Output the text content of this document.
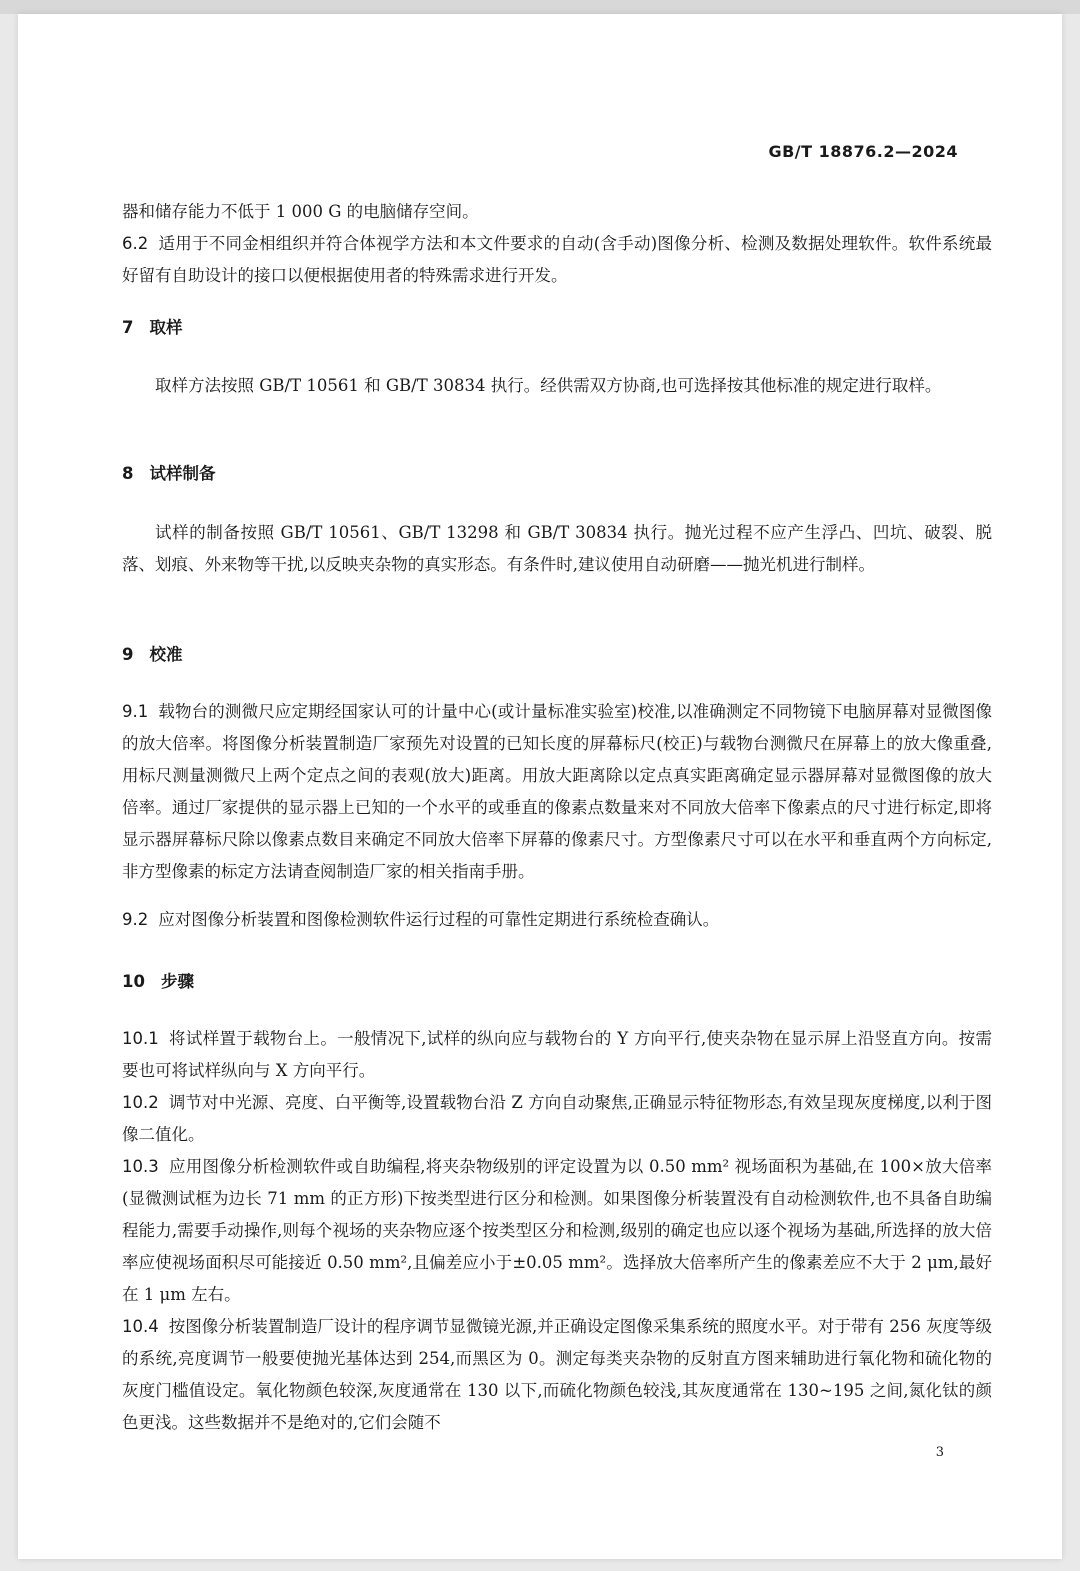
GB/T 18876.2—2024
器和储存能力不低于 1 000 G 的电脑储存空间。
6.2 适用于不同金相组织并符合体视学方法和本文件要求的自动(含手动)图像分析、检测及数据处理软件。软件系统最好留有自助设计的接口以便根据使用者的特殊需求进行开发。
7 取样
取样方法按照 GB/T 10561 和 GB/T 30834 执行。经供需双方协商,也可选择按其他标准的规定进行取样。
8 试样制备
试样的制备按照 GB/T 10561、GB/T 13298 和 GB/T 30834 执行。抛光过程不应产生浮凸、凹坑、破裂、脱落、划痕、外来物等干扰,以反映夹杂物的真实形态。有条件时,建议使用自动研磨——抛光机进行制样。
9 校准
9.1 载物台的测微尺应定期经国家认可的计量中心(或计量标准实验室)校准,以准确测定不同物镜下电脑屏幕对显微图像的放大倍率。将图像分析装置制造厂家预先对设置的已知长度的屏幕标尺(校正)与载物台测微尺在屏幕上的放大像重叠,用标尺测量测微尺上两个定点之间的表观(放大)距离。用放大距离除以定点真实距离确定显示器屏幕对显微图像的放大倍率。通过厂家提供的显示器上已知的一个水平的或垂直的像素点数量来对不同放大倍率下像素点的尺寸进行标定,即将显示器屏幕标尺除以像素点数目来确定不同放大倍率下屏幕的像素尺寸。方型像素尺寸可以在水平和垂直两个方向标定,非方型像素的标定方法请查阅制造厂家的相关指南手册。
9.2 应对图像分析装置和图像检测软件运行过程的可靠性定期进行系统检查确认。
10 步骤
10.1 将试样置于载物台上。一般情况下,试样的纵向应与载物台的 Y 方向平行,使夹杂物在显示屏上沿竖直方向。按需要也可将试样纵向与 X 方向平行。
10.2 调节对中光源、亮度、白平衡等,设置载物台沿 Z 方向自动聚焦,正确显示特征物形态,有效呈现灰度梯度,以利于图像二值化。
10.3 应用图像分析检测软件或自助编程,将夹杂物级别的评定设置为以 0.50 mm² 视场面积为基础,在 100×放大倍率(显微测试框为边长 71 mm 的正方形)下按类型进行区分和检测。如果图像分析装置没有自动检测软件,也不具备自助编程能力,需要手动操作,则每个视场的夹杂物应逐个按类型区分和检测,级别的确定也应以逐个视场为基础,所选择的放大倍率应使视场面积尽可能接近 0.50 mm²,且偏差应小于±0.05 mm²。选择放大倍率所产生的像素差应不大于 2 μm,最好在 1 μm 左右。
10.4 按图像分析装置制造厂设计的程序调节显微镜光源,并正确设定图像采集系统的照度水平。对于带有 256 灰度等级的系统,亮度调节一般要使抛光基体达到 254,而黑区为 0。测定每类夹杂物的反射直方图来辅助进行氧化物和硫化物的灰度门槛值设定。氧化物颜色较深,灰度通常在 130 以下,而硫化物颜色较浅,其灰度通常在 130~195 之间,氮化钛的颜色更浅。这些数据并不是绝对的,它们会随不
3
